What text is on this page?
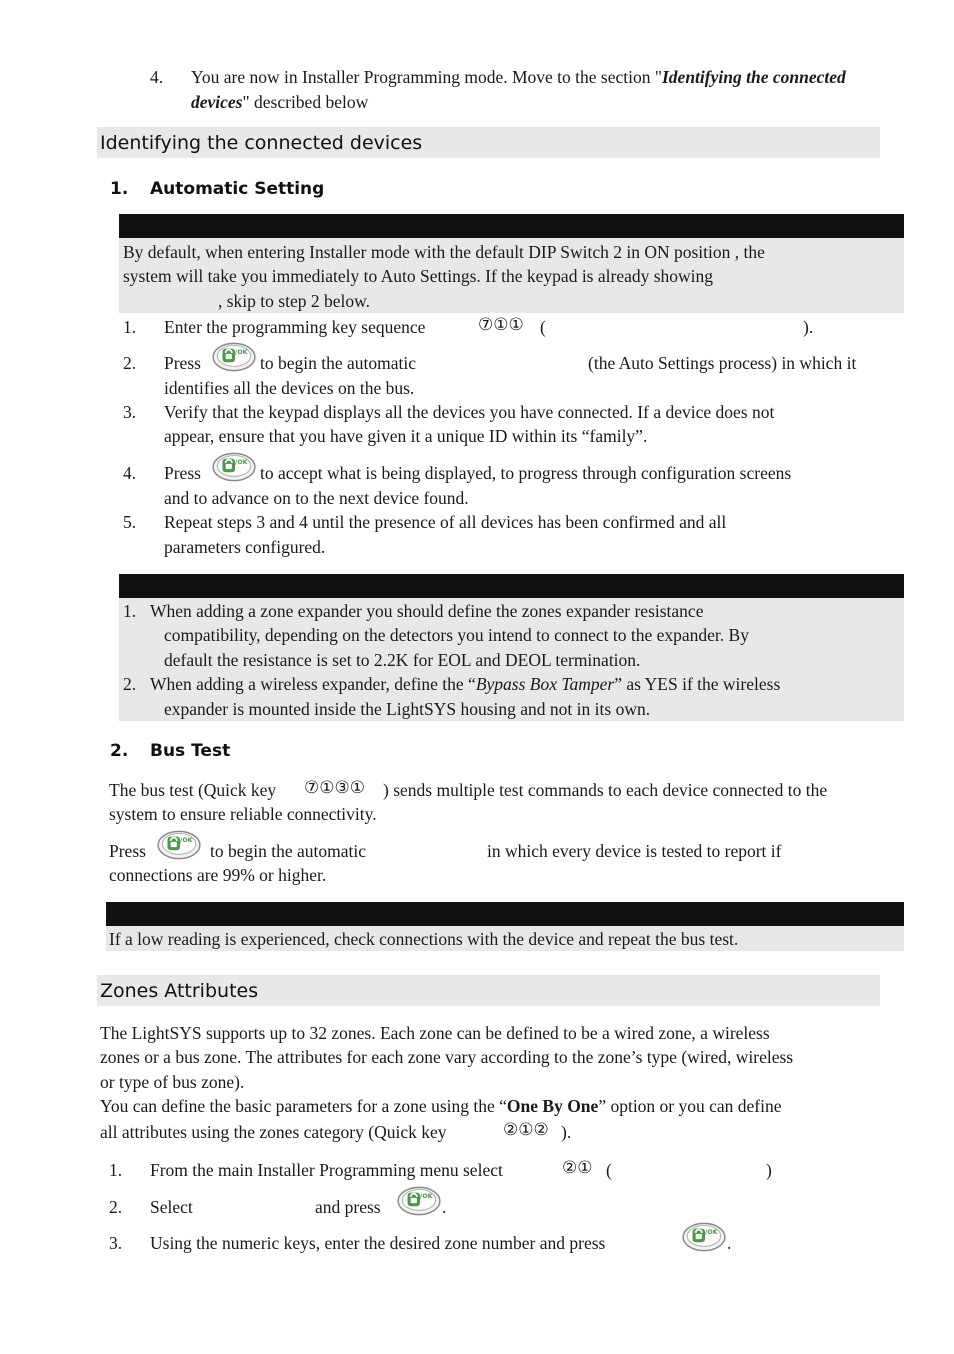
4. You are now in Installer Programming mode. Move to the section "Identifying the connected devices" described below
Identifying the connected devices
1. Automatic Setting
By default, when entering Installer mode with the default DIP Switch 2 in ON position , the
system will take you immediately to Auto Settings. If the keypad is already showing
, skip to step 2 below.
1. Enter the programming key sequence	⑦①① (	).
2. Press
/OK
to begin the automatic	(the Auto Settings process) in which it
identifies all the devices on the bus.
3. Verify that the keypad displays all the devices you have connected. If a device does not
appear, ensure that you have given it a unique ID within its “family”.
4. Press
/OK
to accept what is being displayed, to progress through configuration screens
and to advance on to the next device found.
5. Repeat steps 3 and 4 until the presence of all devices has been confirmed and all
parameters configured.
1. When adding a zone expander you should define the zones expander resistance
compatibility, depending on the detectors you intend to connect to the expander. By
default the resistance is set to 2.2K for EOL and DEOL termination.
2. When adding a wireless expander, define the “Bypass Box Tamper” as YES if the wireless
expander is mounted inside the LightSYS housing and not in its own.
2. Bus Test
The bus test (Quick key ⑦①③① ) sends multiple test commands to each device connected to the
system to ensure reliable connectivity.
Press
/OK
to begin the automatic	in which every device is tested to report if
connections are 99% or higher.
If a low reading is experienced, check connections with the device and repeat the bus test.
Zones Attributes
The LightSYS supports up to 32 zones. Each zone can be defined to be a wired zone, a wireless
zones or a bus zone. The attributes for each zone vary according to the zone’s type (wired, wireless
or type of bus zone).
You can define the basic parameters for a zone using the “One By One” option or you can define
all attributes using the zones category (Quick key	②①② ).
1. From the main Installer Programming menu select	②① (	)
2. Select	and press
/OK
.
3. Using the numeric keys, enter the desired zone number and press
/OK
.
